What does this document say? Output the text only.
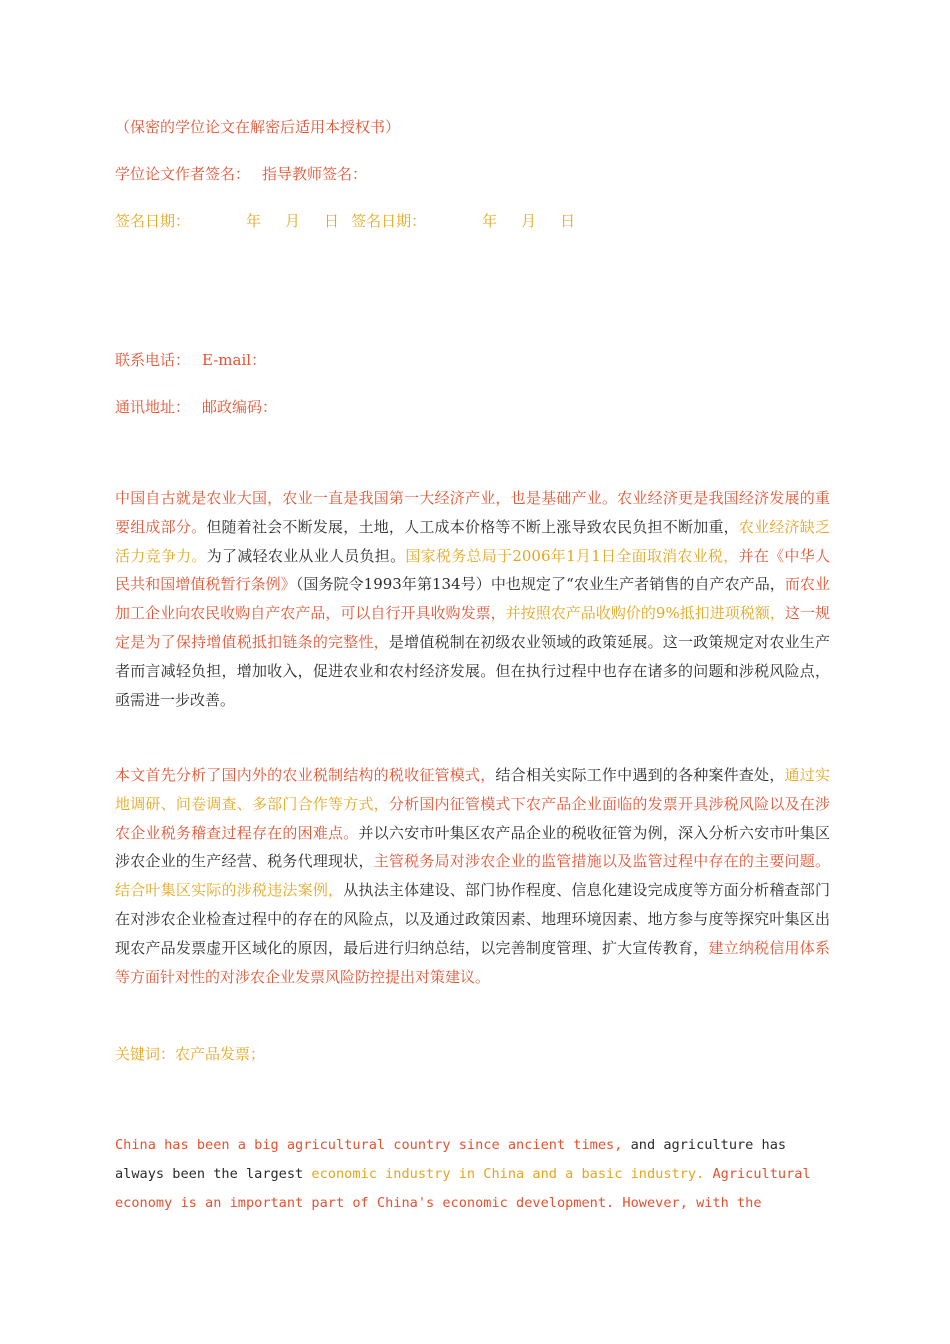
（保密的学位论文在解密后适用本授权书）
学位论文作者签名： 指导教师签名：
签名日期：	年 月 日 签名日期：	年 月 日
联系电话： E-mail：
通讯地址： 邮政编码：
中国自古就是农业大国，农业一直是我国第一大经济产业，也是基础产业。农业经济更是我国经济发展的重要组成部分。但随着社会不断发展，土地，人工成本价格等不断上涨导致农民负担不断加重，农业经济缺乏活力竞争力。为了减轻农业从业人员负担。国家税务总局于2006年1月1日全面取消农业税，并在《中华人民共和国增值税暂行条例》（国务院令1993年第134号）中也规定了“农业生产者销售的自产农产品，而农业加工企业向农民收购自产农产品，可以自行开具收购发票，并按照农产品收购价的9%抵扣进项税额，这一规定是为了保持增值税抵扣链条的完整性，是增值税制在初级农业领域的政策延展。这一政策规定对农业生产者而言减轻负担，增加收入，促进农业和农村经济发展。但在执行过程中也存在诸多的问题和涉税风险点，亟需进一步改善。
本文首先分析了国内外的农业税制结构的税收征管模式，结合相关实际工作中遇到的各种案件查处，通过实地调研、问卷调查、多部门合作等方式，分析国内征管模式下农产品企业面临的发票开具涉税风险以及在涉农企业税务稽查过程存在的困难点。并以六安市叶集区农产品企业的税收征管为例，深入分析六安市叶集区涉农企业的生产经营、税务代理现状，主管税务局对涉农企业的监管措施以及监管过程中存在的主要问题。结合叶集区实际的涉税违法案例，从执法主体建设、部门协作程度、信息化建设完成度等方面分析稽查部门在对涉农企业检查过程中的存在的风险点，以及通过政策因素、地理环境因素、地方参与度等探究叶集区出现农产品发票虚开区域化的原因，最后进行归纳总结，以完善制度管理、扩大宣传教育，建立纳税信用体系等方面针对性的对涉农企业发票风险防控提出对策建议。
关键词：农产品发票；
China has been a big agricultural country since ancient times, and agriculture has always been the largest economic industry in China and a basic industry. Agricultural economy is an important part of China's economic development. However, with the
